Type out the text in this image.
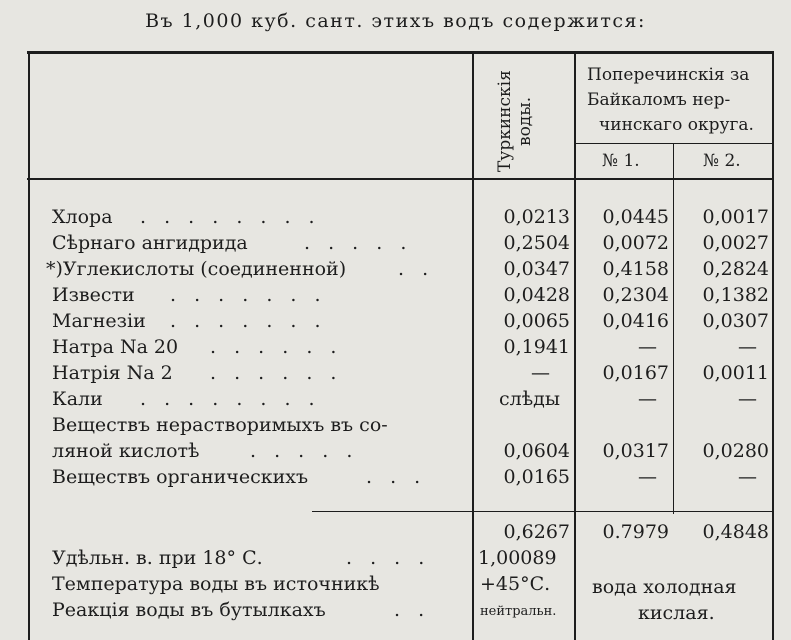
Въ 1,000 куб. сант. этихъ водъ содержится:
Туркинскія воды.
Поперечинскія за
Байкаломъ нер-
чинскаго округа.
№ 1.	№ 2.
Хлора . . . . . . . .	0,0213	0,0445	0,0017
Сѣрнаго ангидрида	. . . . .	0,2504	0,0072	0,0027
*)Углекислоты (соединенной)	. .	0,0347	0,4158	0,2824
Извести . . . . . . .	0,0428	0,2304	0,1382
Магнезіи . . . . . . .	0,0065	0,0416	0,0307
Натра Na 20 . . . . . .	0,1941	—	—
Натрія Na 2 . . . . . .	—	0,0167	0,0011
Кали . . . . . . . .	слѣды	—	—
Веществъ нерастворимыхъ въ со-
ляной кислотѣ	. . . . .	0,0604	0,0317	0,0280
Веществъ органическихъ	. . .	0,0165	—	—
0,6267	0.7979	0,4848
Удѣльн. в. при 18° С.	. . . .	1,00089
Температура воды въ источникѣ	+45°С.
Реакція воды въ бутылкахъ	. .	нейтральн.
вода холодная
кислая.
